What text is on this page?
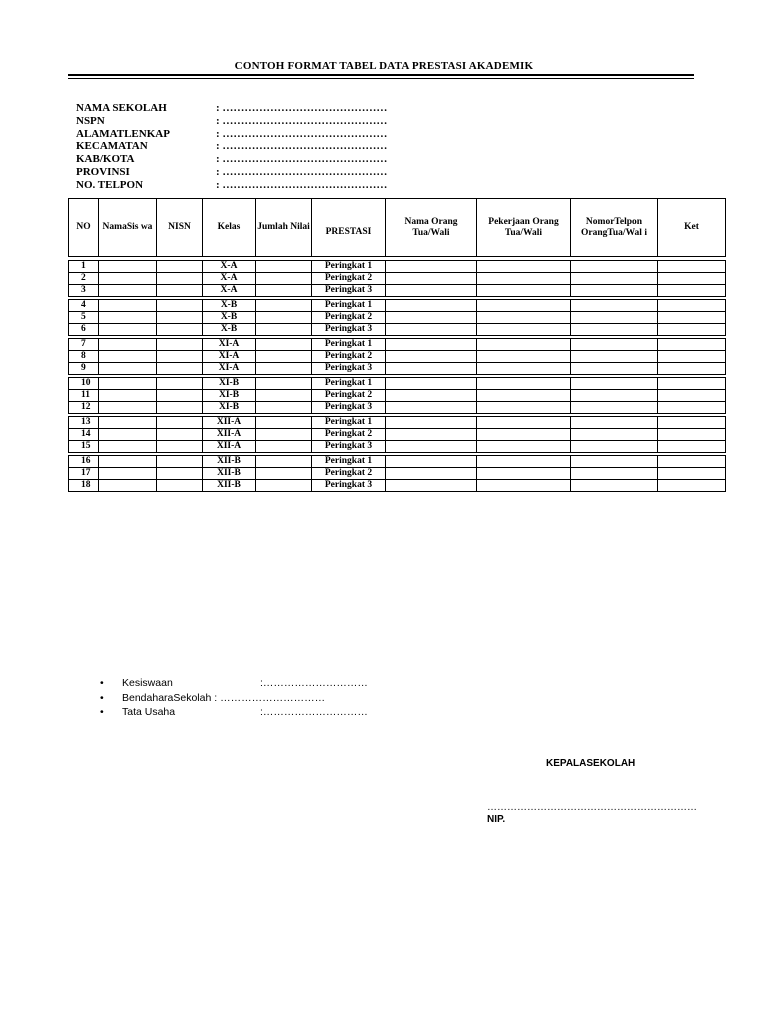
CONTOH FORMAT TABEL DATA PRESTASI AKADEMIK
NAMA SEKOLAH	: ………………………………………
NSPN	: ………………………………………
ALAMATLENKAP	: ………………………………………
KECAMATAN	: ………………………………………
KAB/KOTA	: ………………………………………
PROVINSI	: ………………………………………
NO. TELPON	: ………………………………………
NO	NamaSis wa	NISN	Kelas	Jumlah Nilai	PRESTASI	Nama Orang Tua/Wali	Pekerjaan Orang Tua/Wali	NomorTelpon OrangTua/Wal i	Ket

1			X-A		Peringkat 1				
2			X-A		Peringkat 2				
3			X-A		Peringkat 3				

4			X-B		Peringkat 1				
5			X-B		Peringkat 2				
6			X-B		Peringkat 3				

7			XI-A		Peringkat 1				
8			XI-A		Peringkat 2				
9			XI-A		Peringkat 3				

10			XI-B		Peringkat 1				
11			XI-B		Peringkat 2				
12			XI-B		Peringkat 3				

13			XII-A		Peringkat 1				
14			XII-A		Peringkat 2				
15			XII-A		Peringkat 3				

16			XII-B		Peringkat 1				
17			XII-B		Peringkat 2				
18			XII-B		Peringkat 3				
• Kesiswaan	:…………………………
• BendaharaSekolah : …………………………
• Tata Usaha	:…………………………
KEPALASEKOLAH
………………………………………………………
NIP.
